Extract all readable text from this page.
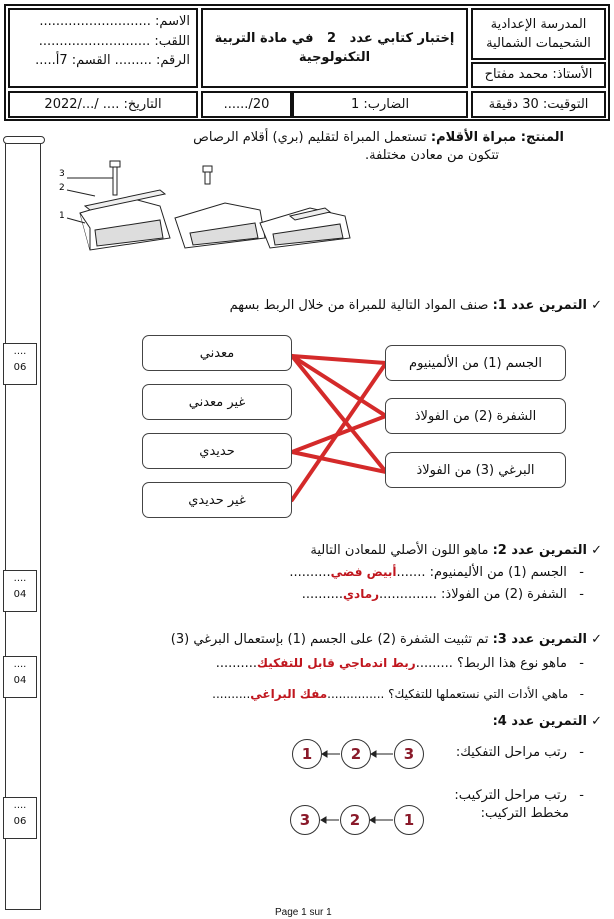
الاسم: ...........................
اللقب: ...........................
الرقم: ......... القسم: 7أ.....
إختبار كتابي عدد   2   في مادة التربية
التكنولوجية
المدرسة الإعدادية
الشحيمات الشمالية
الأستاذ: محمد مفتاح
التاريخ: .... /.../2022	....../20	الضارب: 1	التوقيت: 30 دقيقة
....
06
....
04
....
04
....
06
المنتج: مبراة الأقلام: تستعمل المبراة لتقليم (بري) أقلام الرصاص
تتكون من معادن مختلفة.
3
2
1
✓ التمرين عدد 1: صنف المواد التالية للمبراة من خلال الربط بسهم
معدني
غير معدني
حديدي
غير حديدي
الجسم (1) من الألمينيوم
الشفرة (2) من الفولاذ
البرغي (3) من الفولاذ
✓ التمرين عدد 2: ماهو اللون الأصلي للمعادن التالية
-   الجسم (1) من الأليمنيوم: .......أبيض فضي..........
-   الشفرة (2) من الفولاذ: ..............رمادي..........
✓ التمرين عدد 3: تم تثبيت الشفرة (2) على الجسم (1) بإستعمال البرغي (3)
-   ماهو نوع هذا الربط؟ .........ربط اندماجي قابل للتفكيك..........
-   ماهي الأدات التي نستعملها للتفكيك؟ ...............مفك البراغي..........
✓ التمرين عدد 4:
-   رتب مراحل التفكيك:
-   رتب مراحل التركيب:
مخطط التركيب:
1	2	3
3	2	1
Page 1 sur 1
